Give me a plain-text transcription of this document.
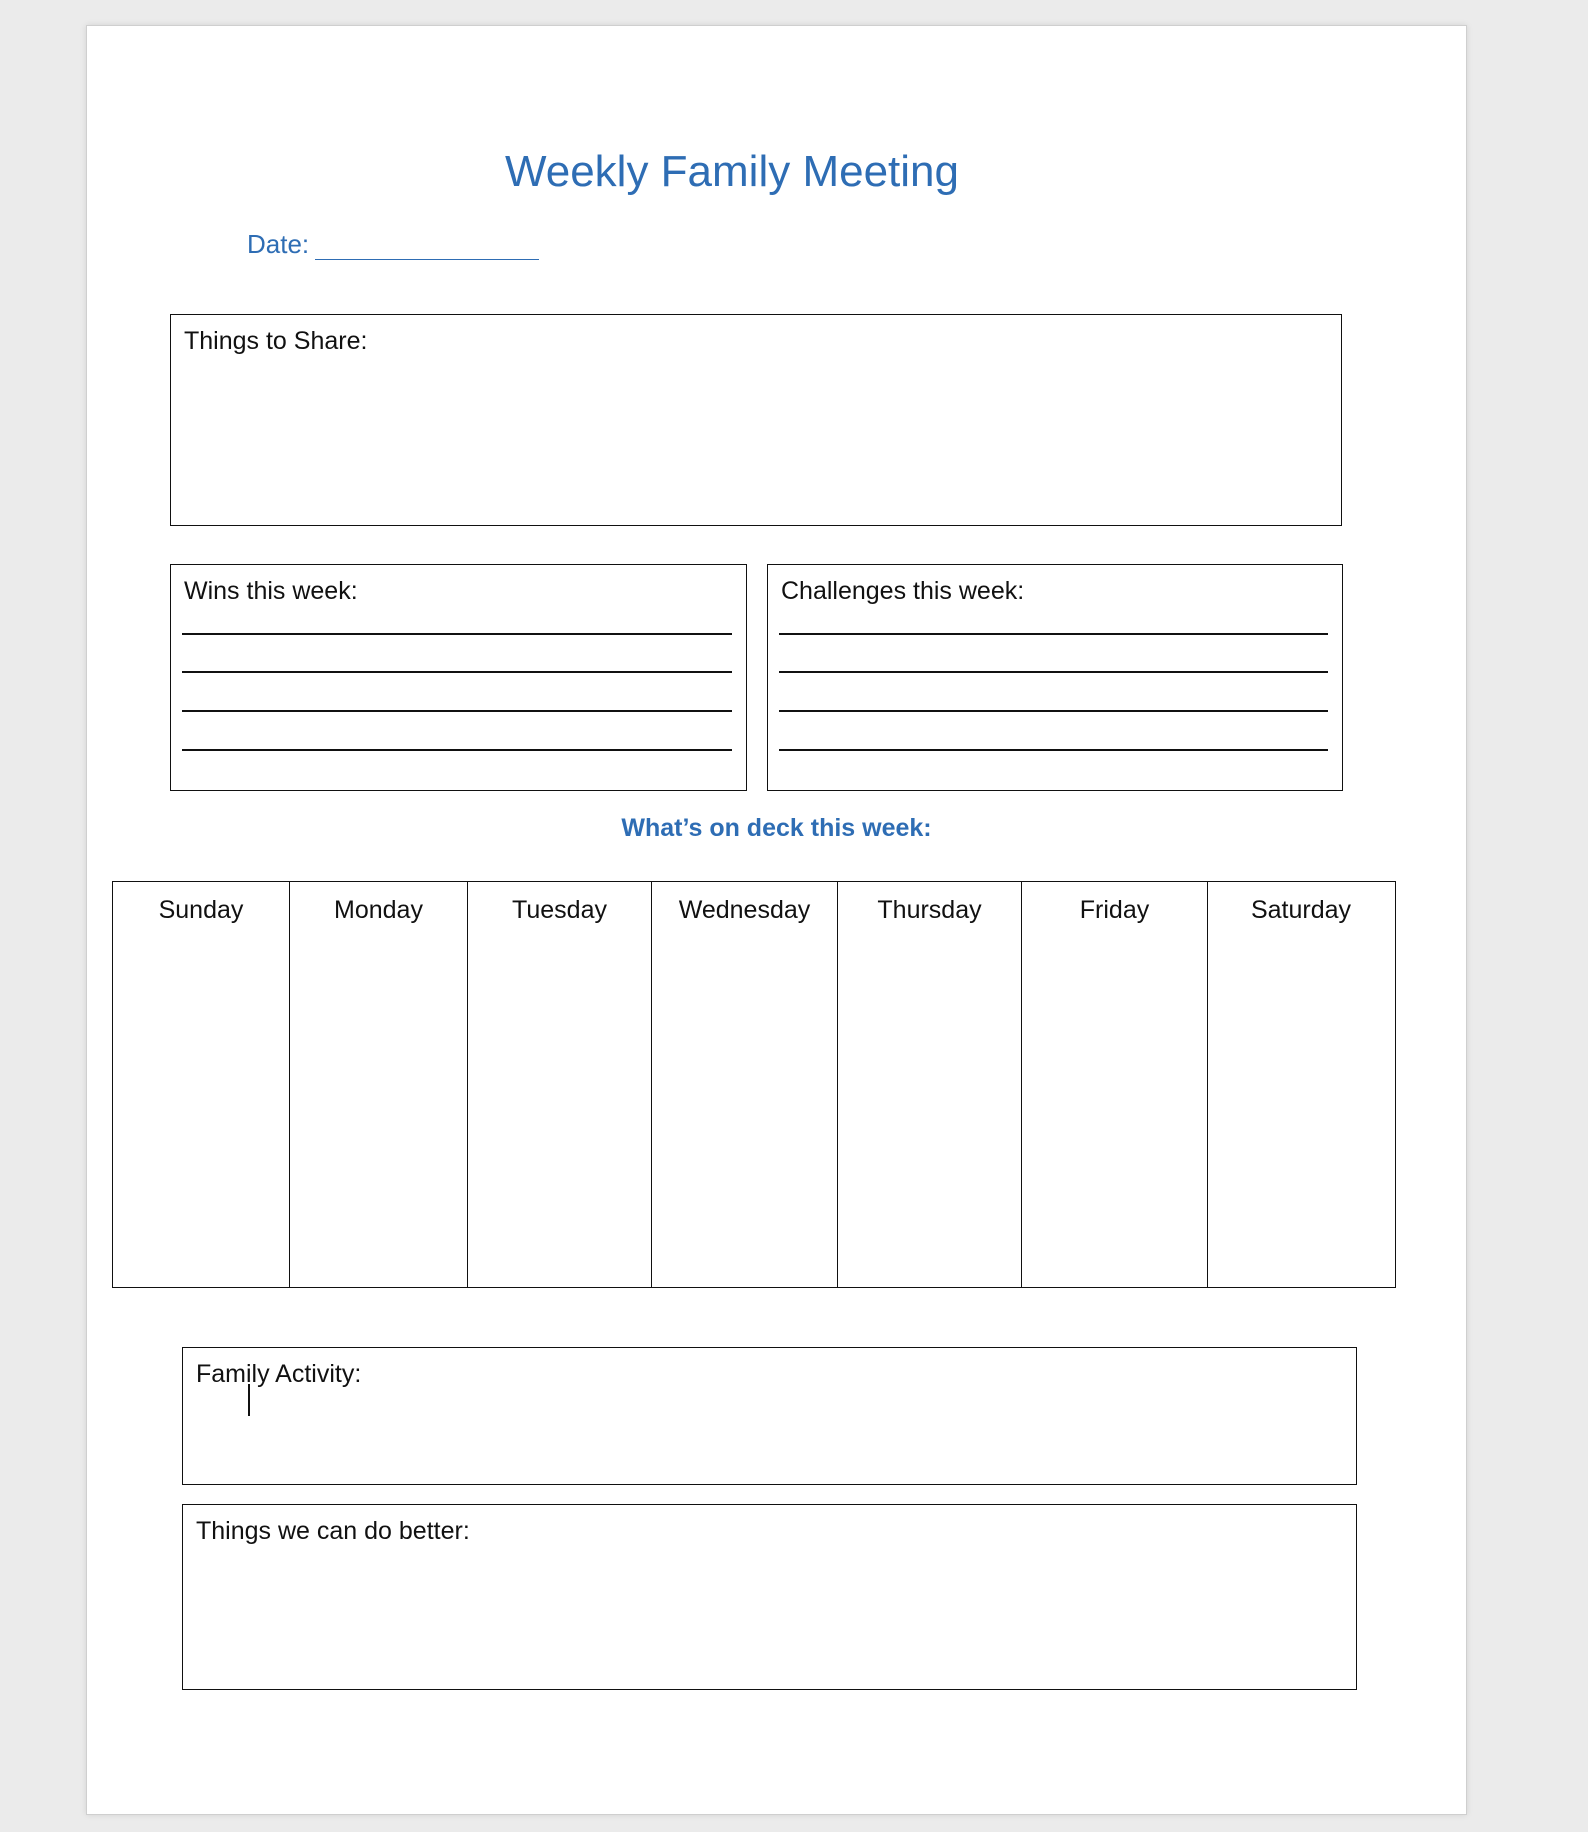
Weekly Family Meeting
Date:
Things to Share:
Wins this week:	Challenges this week:
What’s on deck this week:
Sunday	Monday	Tuesday	Wednesday	Thursday	Friday	Saturday
Family Activity:
Things we can do better:
